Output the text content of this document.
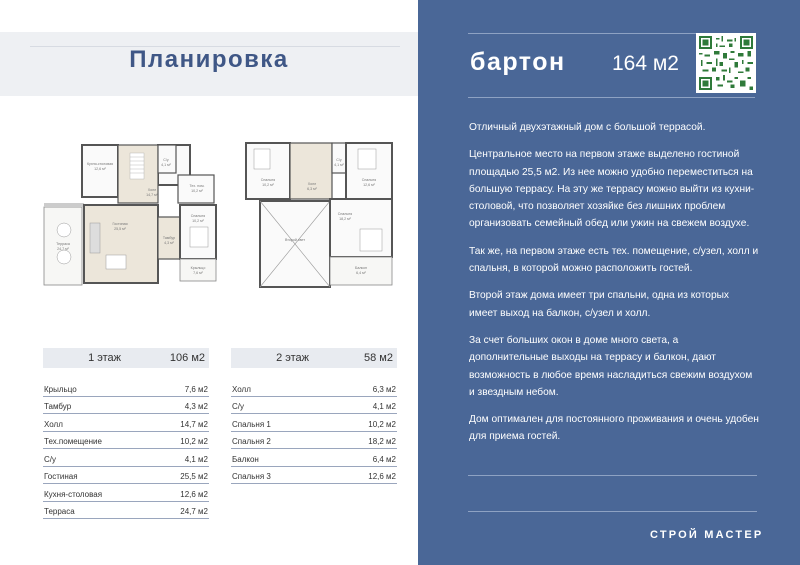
Планировка
Кухня-столовая
12,6 м²
С/у
4,1 м²
Холл
14,7 м²
Тех. пом.
10,2 м²
Гостиная
25,5 м²
Тамбур
4,3 м²
Спальня
10,2 м²
Терраса
24,7 м²
Крыльцо
7,6 м²
Спальня
10,2 м²	Холл
6,3 м²
С/у
4,1 м²
Спальня
12,6 м²
Второй свет
Спальня
18,2 м²
Балкон
6,4 м²
1 этаж	106 м2
Крыльцо	7,6 м2
Тамбур	4,3 м2
Холл	14,7 м2
Тех.помещение	10,2 м2
С/у	4,1 м2
Гостиная	25,5 м2
Кухня-столовая	12,6 м2
Терраса	24,7 м2
2 этаж	58 м2
Холл	6,3 м2
С/у	4,1 м2
Спальня 1	10,2 м2
Спальня 2	18,2 м2
Балкон	6,4 м2
Спальня 3	12,6 м2
бартон 164 м2

Отличный двухэтажный дом с большой террасой.

Центральное место на первом этаже выделено гостиной площадью 25,5 м2. Из нее можно удобно переместиться на большую террасу. На эту же террасу можно выйти из кухни-столовой, что позволяет хозяйке без лишних проблем организовать семейный обед или ужин на свежем воздухе.

Так же, на первом этаже есть тех. помещение, с/узел, холл и спальня, в которой можно расположить гостей.

Второй этаж дома имеет три спальни, одна из которых имеет выход на балкон, с/узел и холл.

За счет больших окон в доме много света, а дополнительные выходы на террасу и балкон, дают возможность в любое время насладиться свежим воздухом и звездным небом.

Дом оптимален для постоянного проживания и очень удобен для приема гостей.

СТРОЙ МАСТЕР
